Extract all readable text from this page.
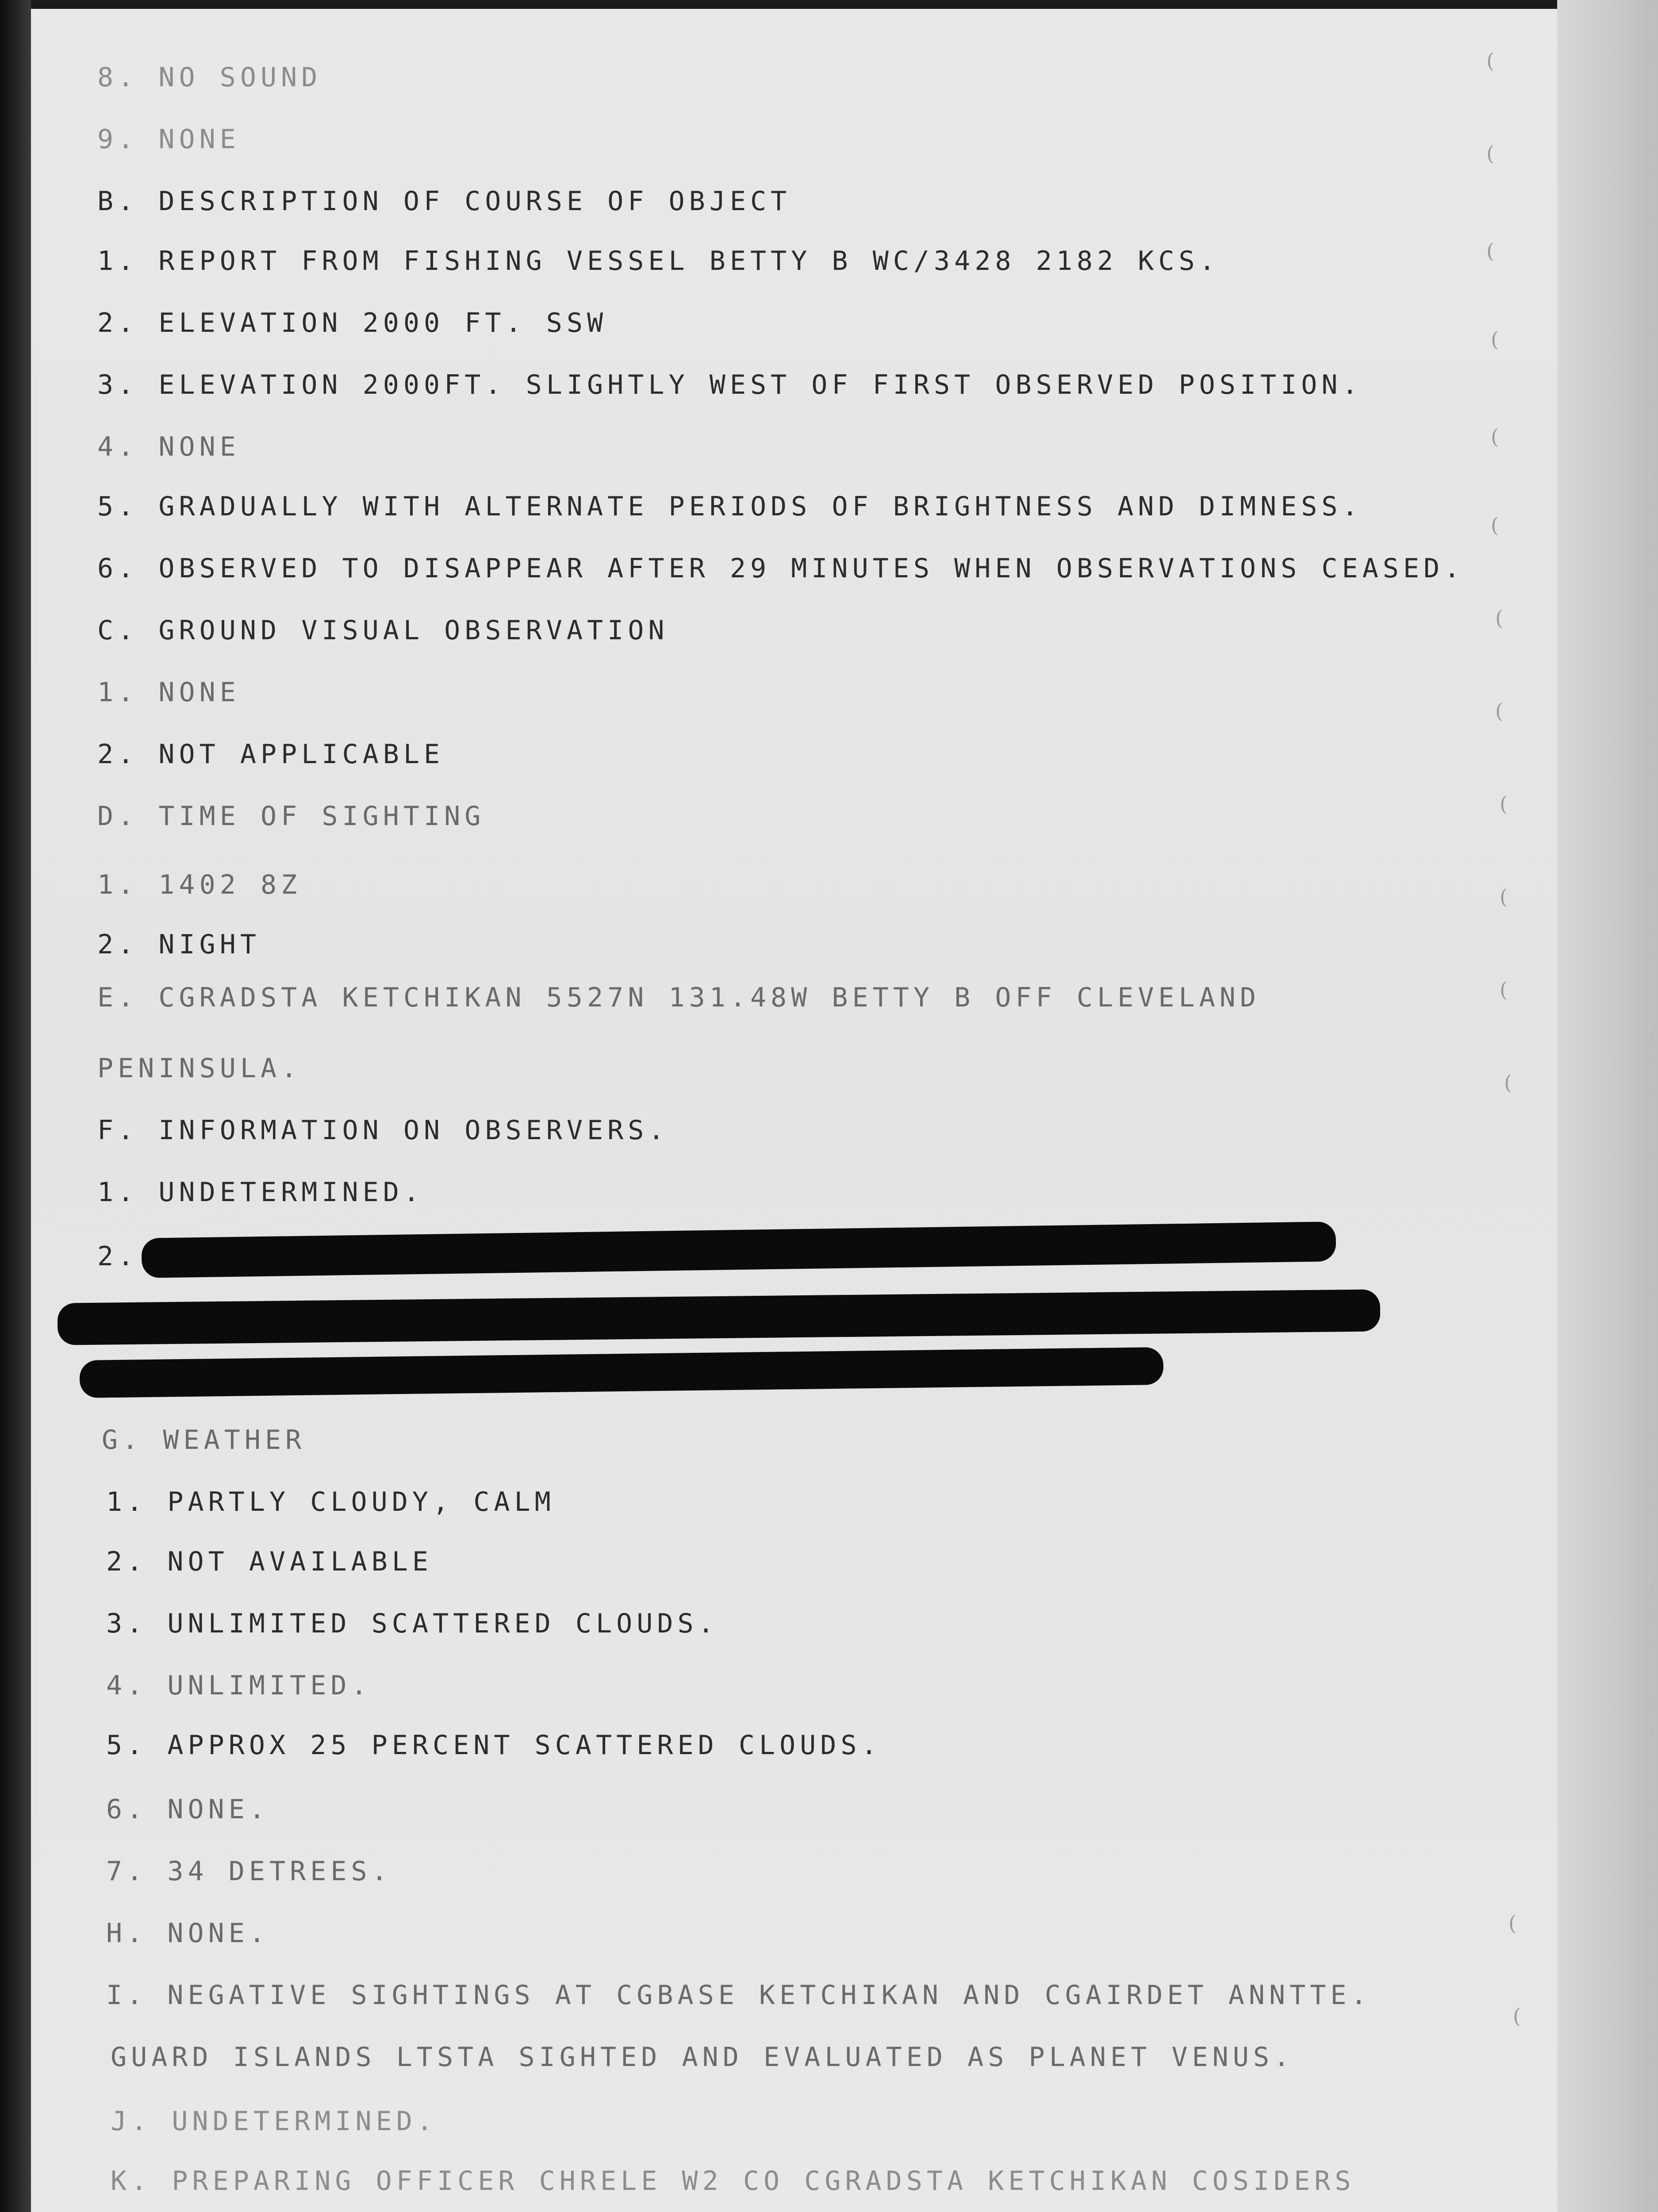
8. NO SOUND
9. NONE
B. DESCRIPTION OF COURSE OF OBJECT
1. REPORT FROM FISHING VESSEL BETTY B WC/3428 2182 KCS.
2. ELEVATION 2000 FT. SSW
3. ELEVATION 2000FT. SLIGHTLY WEST OF FIRST OBSERVED POSITION.
4. NONE
5. GRADUALLY WITH ALTERNATE PERIODS OF BRIGHTNESS AND DIMNESS.
6. OBSERVED TO DISAPPEAR AFTER 29 MINUTES WHEN OBSERVATIONS CEASED.
C. GROUND VISUAL OBSERVATION
1. NONE
2. NOT APPLICABLE
D. TIME OF SIGHTING
1. 1402 8Z
2. NIGHT
E. CGRADSTA KETCHIKAN 5527N 131.48W BETTY B OFF CLEVELAND
PENINSULA.
F. INFORMATION ON OBSERVERS.
1. UNDETERMINED.
2.
G. WEATHER
1. PARTLY CLOUDY, CALM
2. NOT AVAILABLE
3. UNLIMITED SCATTERED CLOUDS.
4. UNLIMITED.
5. APPROX 25 PERCENT SCATTERED CLOUDS.
6. NONE.
7. 34 DETREES.
H. NONE.
I. NEGATIVE SIGHTINGS AT CGBASE KETCHIKAN AND CGAIRDET ANNTTE.
GUARD ISLANDS LTSTA SIGHTED AND EVALUATED AS PLANET VENUS.
J. UNDETERMINED.
K. PREPARING OFFICER CHRELE W2 CO CGRADSTA KETCHIKAN COSIDERS
(
(
(
(
(
(
(
(
(
(
(
(
(
(
